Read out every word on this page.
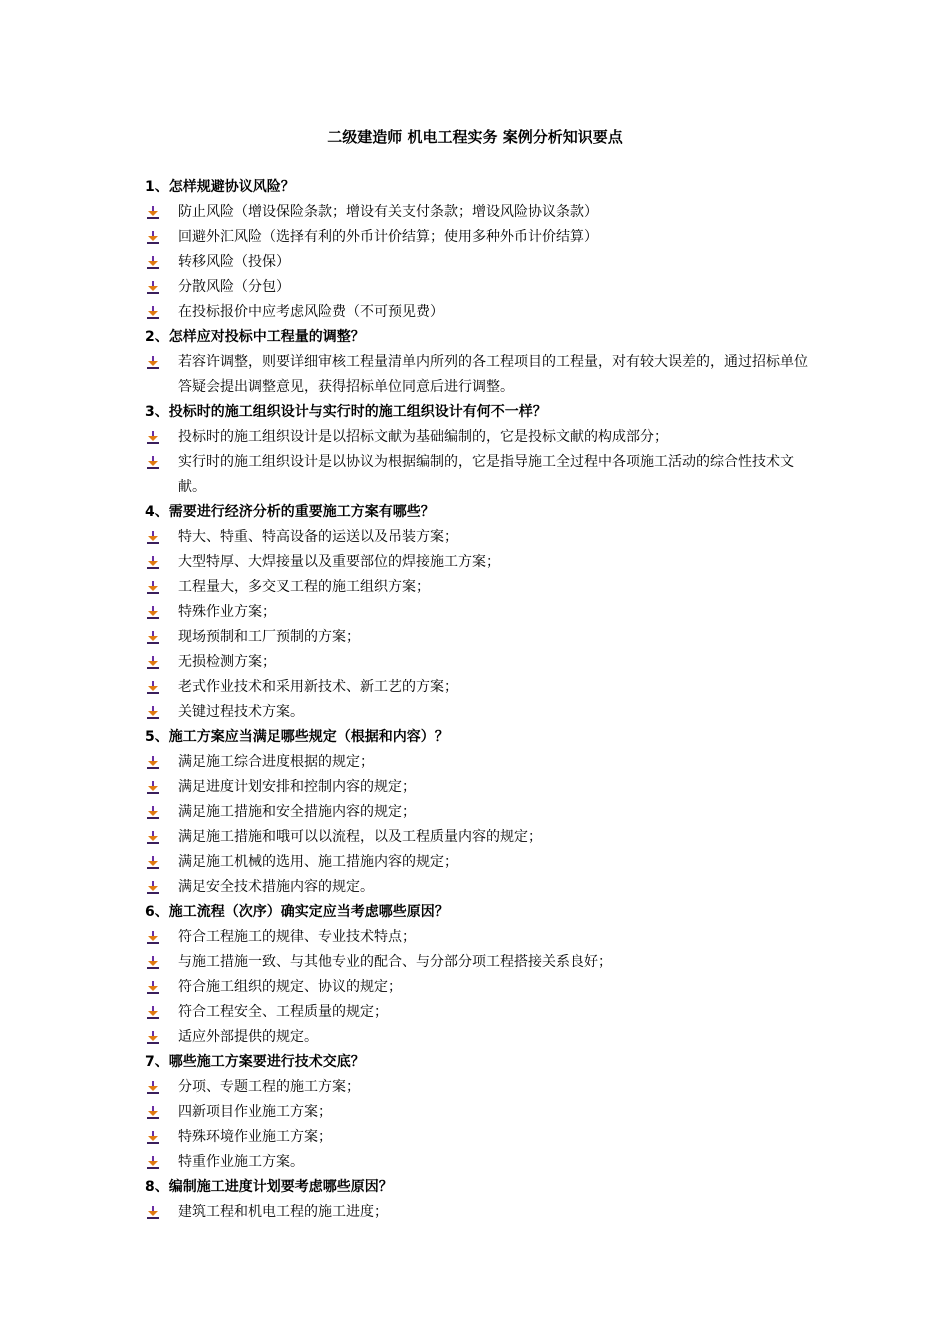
二级建造师 机电工程实务 案例分析知识要点
1、怎样规避协议风险？
防止风险（增设保险条款；增设有关支付条款；增设风险协议条款）
回避外汇风险（选择有利的外币计价结算；使用多种外币计价结算）
转移风险（投保）
分散风险（分包）
在投标报价中应考虑风险费（不可预见费）
2、怎样应对投标中工程量的调整？
若容许调整，则要详细审核工程量清单内所列的各工程项目的工程量，对有较大误差的，通过招标单位答疑会提出调整意见，获得招标单位同意后进行调整。
3、投标时的施工组织设计与实行时的施工组织设计有何不一样？
投标时的施工组织设计是以招标文献为基础编制的，它是投标文献的构成部分；
实行时的施工组织设计是以协议为根据编制的，它是指导施工全过程中各项施工活动的综合性技术文献。
4、需要进行经济分析的重要施工方案有哪些？
特大、特重、特高设备的运送以及吊装方案；
大型特厚、大焊接量以及重要部位的焊接施工方案；
工程量大，多交叉工程的施工组织方案；
特殊作业方案；
现场预制和工厂预制的方案；
无损检测方案；
老式作业技术和采用新技术、新工艺的方案；
关键过程技术方案。
5、施工方案应当满足哪些规定（根据和内容）？
满足施工综合进度根据的规定；
满足进度计划安排和控制内容的规定；
满足施工措施和安全措施内容的规定；
满足施工措施和哦可以以流程，以及工程质量内容的规定；
满足施工机械的选用、施工措施内容的规定；
满足安全技术措施内容的规定。
6、施工流程（次序）确实定应当考虑哪些原因？
符合工程施工的规律、专业技术特点；
与施工措施一致、与其他专业的配合、与分部分项工程搭接关系良好；
符合施工组织的规定、协议的规定；
符合工程安全、工程质量的规定；
适应外部提供的规定。
7、哪些施工方案要进行技术交底？
分项、专题工程的施工方案；
四新项目作业施工方案；
特殊环境作业施工方案；
特重作业施工方案。
8、编制施工进度计划要考虑哪些原因？
建筑工程和机电工程的施工进度；
